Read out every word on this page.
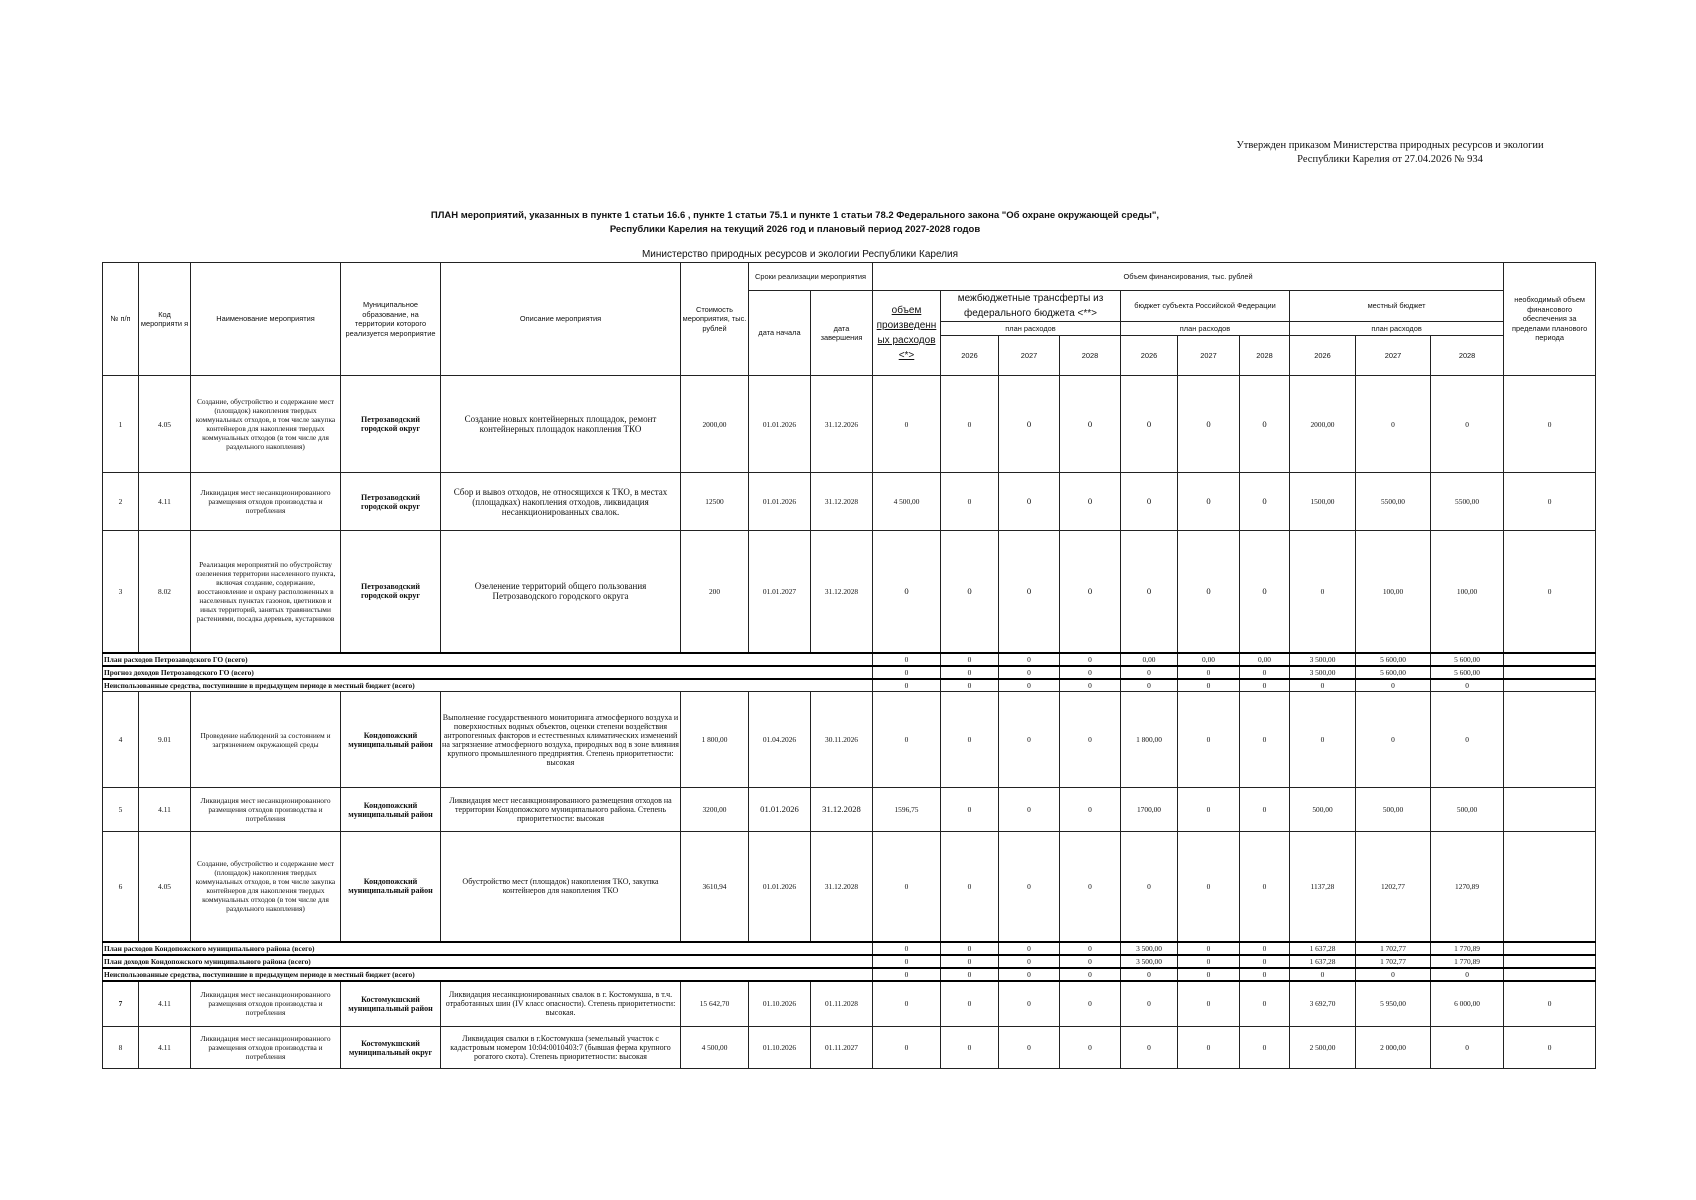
Утвержден приказом Министерства природных ресурсов и экологии
Республики Карелия от 27.04.2026 № 934
ПЛАН мероприятий, указанных в пункте 1 статьи 16.6 , пункте 1 статьи 75.1 и пункте 1 статьи 78.2 Федерального закона "Об охране окружающей среды",
Республики Карелия на текущий 2026 год и плановый период 2027-2028 годов
Министерство природных ресурсов и экологии Республики Карелия
№ п/п	Код мероприяти я	Наименование мероприятия	Муниципальное образование, на территории которого реализуется мероприятие	Описание мероприятия	Стоимость мероприятия, тыс. рублей	Сроки реализации мероприятия		Объем финансирования, тыс. рублей										необходимый объем финансового обеспечения за пределами планового периода
						дата начала	дата завершения	объем произведенн ых расходов <*>	межбюджетные трансферты из федерального бюджета <**>			бюджет субъекта Российской Федерации			местный бюджет			
									план расходов			план расходов			план расходов			
									2026	2027	2028	2026	2027	2028	2026	2027	2028	
1	4.05	Создание, обустройство и содержание мест (площадок) накопления твердых коммунальных отходов, в том числе закупка контейнеров для накопления твердых коммунальных отходов (в том числе для раздельного накопления)	Петрозаводский городской округ	Создание новых контейнерных площадок, ремонт контейнерных площадок накопления ТКО	2000,00	01.01.2026	31.12.2026	0	0	0	0	0	0	0	2000,00	0	0	0
2	4.11	Ликвидация мест несанкционированного размещения отходов производства и потребления	Петрозаводский городской округ	Сбор и вывоз отходов, не относящихся к ТКО, в местах (площадках) накопления отходов, ликвидация несанкционированных свалок.	12500	01.01.2026	31.12.2028	4 500,00	0	0	0	0	0	0	1500,00	5500,00	5500,00	0
3	8.02	Реализация мероприятий по обустройству озеленения территории населенного пункта, включая создание, содержание, восстановление и охрану расположенных в населенных пунктах газонов, цветников и иных территорий, занятых травянистыми растениями, посадка деревьев, кустарников	Петрозаводский городской округ	Озеленение территорий общего пользования Петрозаводского городского округа	200	01.01.2027	31.12.2028	0	0	0	0	0	0	0	0	100,00	100,00	0
План расходов Петрозаводского ГО (всего)								0	0	0	0	0,00	0,00	0,00	3 500,00	5 600,00	5 600,00	
Прогноз доходов Петрозаводского ГО (всего)								0	0	0	0	0	0	0	3 500,00	5 600,00	5 600,00	
Неиспользованные средства, поступившие в предыдущем периоде в местный бюджет (всего)								0	0	0	0	0	0	0	0	0	0	
4	9.01	Проведение наблюдений за состоянием и загрязнением окружающей среды	Кондопожский муниципальный район	Выполнение государственного мониторинга атмосферного воздуха и поверхностных водных объектов, оценки степени воздействия антропогенных факторов и естественных климатических изменений на загрязнение атмосферного воздуха, природных вод в зоне влияния крупного промышленного предприятия. Степень приоритетности: высокая	1 800,00	01.04.2026	30.11.2026	0	0	0	0	1 800,00	0	0	0	0	0	
5	4.11	Ликвидация мест несанкционированного размещения отходов производства и потребления	Кондопожский муниципальный район	Ликвидация мест несанкционированного размещения отходов на территории Кондопожского муниципального района. Степень приоритетности: высокая	3200,00	01.01.2026	31.12.2028	1596,75	0	0	0	1700,00	0	0	500,00	500,00	500,00	
6	4.05	Создание, обустройство и содержание мест (площадок) накопления твердых коммунальных отходов, в том числе закупка контейнеров для накопления твердых коммунальных отходов (в том числе для раздельного накопления)	Кондопожский муниципальный район	Обустройство мест (площадок) накопления ТКО, закупка контейнеров для накопления ТКО	3610,94	01.01.2026	31.12.2028	0	0	0	0	0	0	0	1137,28	1202,77	1270,89	
План расходов Кондопожского муниципального района (всего)								0	0	0	0	3 500,00	0	0	1 637,28	1 702,77	1 770,89	
План доходов Кондопожского муниципального района (всего)								0	0	0	0	3 500,00	0	0	1 637,28	1 702,77	1 770,89	
Неиспользованные средства, поступившие в предыдущем периоде в местный бюджет (всего)								0	0	0	0	0	0	0	0	0	0	
7	4.11	Ликвидация мест несанкционированного размещения отходов производства и потребления	Костомукшский муниципальный район	Ликвидация несанкционированных свалок в г. Костомукша, в т.ч. отработанных шин (IV класс опасности). Степень приоритетности: высокая.	15 642,70	01.10.2026	01.11.2028	0	0	0	0	0	0	0	3 692,70	5 950,00	6 000,00	0
8	4.11	Ликвидация мест несанкционированного размещения отходов производства и потребления	Костомукшский муниципальный округ	Ликвидация свалки в г.Костомукша (земельный участок с кадастровым номером 10:04:0010403:7 (бывшая ферма крупного рогатого скота). Степень приоритетности: высокая	4 500,00	01.10.2026	01.11.2027	0	0	0	0	0	0	0	2 500,00	2 000,00	0	0
